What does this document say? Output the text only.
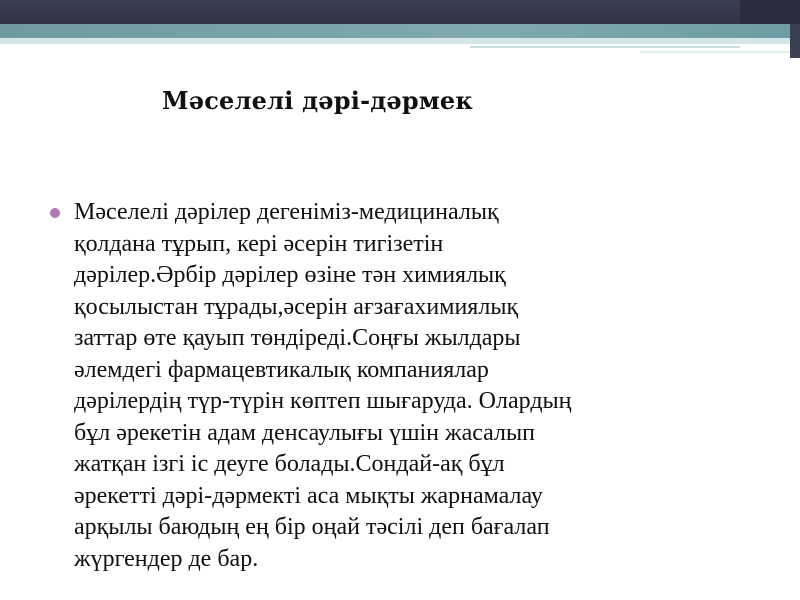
Мәселелі дәрі-дәрмек

Мәселелі дәрілер дегеніміз-медициналық
қолдана тұрып, кері әсерін тигізетін
дәрілер.Әрбір дәрілер өзіне тән химиялық
қосылыстан тұрады,әсерін ағзағахимиялық
заттар өте қауып төндіреді.Соңғы жылдары
әлемдегі фармацевтикалық компаниялар
дәрілердің түр-түрін көптеп шығаруда. Олардың
бұл әрекетін адам денсаулығы үшін жасалып
жатқан ізгі іс деуге болады.Сондай-ақ бұл
әрекетті дәрі-дәрмекті аса мықты жарнамалау
арқылы баюдың ең бір оңай тәсілі деп бағалап
жүргендер де бар.
